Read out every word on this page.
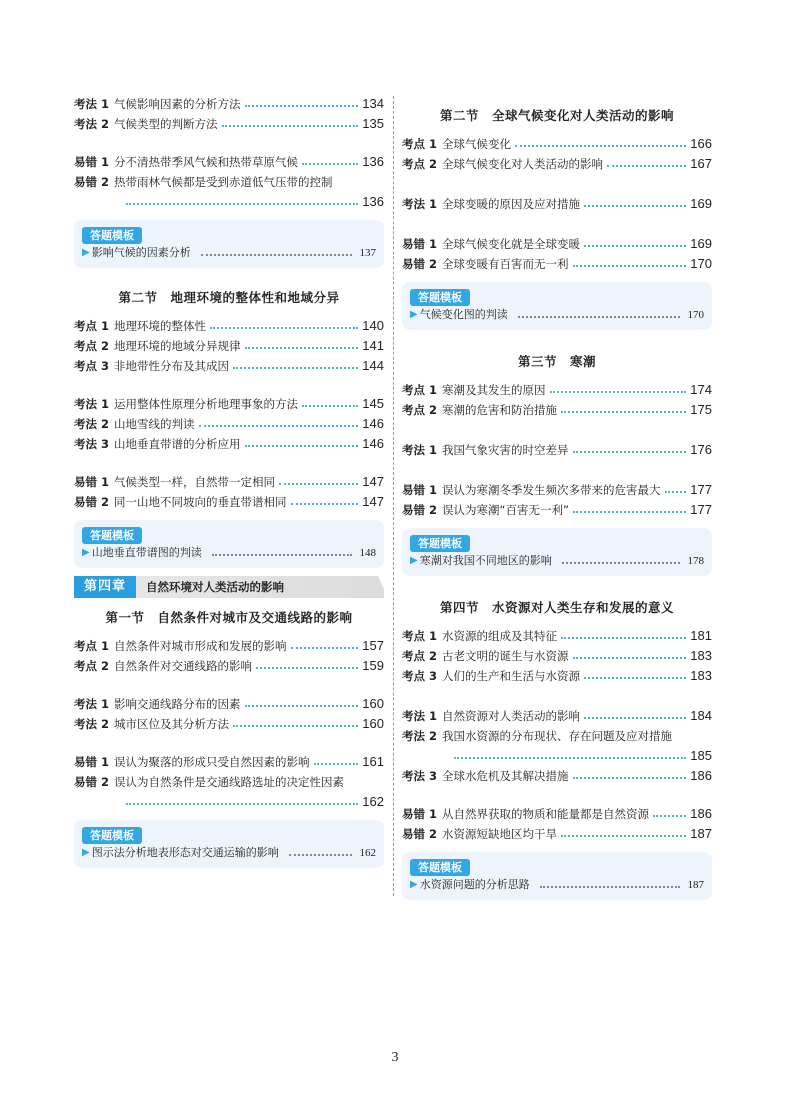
考法 1 气候影响因素的分析方法	134
考法 2 气候类型的判断方法	135
易错 1 分不清热带季风气候和热带草原气候	136
易错 2 热带雨林气候都是受到赤道低气压带的控制
136
答题模板
▶ 影响气候的因素分析	137
第二节　地理环境的整体性和地域分异
考点 1 地理环境的整体性	140
考点 2 地理环境的地域分异规律	141
考点 3 非地带性分布及其成因	144
考法 1 运用整体性原理分析地理事象的方法	145
考法 2 山地雪线的判读	146
考法 3 山地垂直带谱的分析应用	146
易错 1 气候类型一样，自然带一定相同	147
易错 2 同一山地不同坡向的垂直带谱相同	147
答题模板
▶ 山地垂直带谱图的判读	148
第四章	自然环境对人类活动的影响
第一节　自然条件对城市及交通线路的影响
考点 1 自然条件对城市形成和发展的影响	157
考点 2 自然条件对交通线路的影响	159
考法 1 影响交通线路分布的因素	160
考法 2 城市区位及其分析方法	160
易错 1 误认为聚落的形成只受自然因素的影响	161
易错 2 误认为自然条件是交通线路选址的决定性因素
162
答题模板
▶ 图示法分析地表形态对交通运输的影响	162
第二节　全球气候变化对人类活动的影响
考点 1 全球气候变化	166
考点 2 全球气候变化对人类活动的影响	167
考法 1 全球变暖的原因及应对措施	169
易错 1 全球气候变化就是全球变暖	169
易错 2 全球变暖有百害而无一利	170
答题模板
▶ 气候变化图的判读	170
第三节　寒潮
考点 1 寒潮及其发生的原因	174
考点 2 寒潮的危害和防治措施	175
考法 1 我国气象灾害的时空差异	176
易错 1 误认为寒潮冬季发生频次多带来的危害最大 177
易错 2 误认为寒潮“百害无一利”	177
答题模板
▶ 寒潮对我国不同地区的影响	178
第四节　水资源对人类生存和发展的意义
考点 1 水资源的组成及其特征	181
考点 2 古老文明的诞生与水资源	183
考点 3 人们的生产和生活与水资源	183
考法 1 自然资源对人类活动的影响	184
考法 2 我国水资源的分布现状、存在问题及应对措施
185
考法 3 全球水危机及其解决措施	186
易错 1 从自然界获取的物质和能量都是自然资源	186
易错 2 水资源短缺地区均干旱	187
答题模板
▶ 水资源问题的分析思路	187
3
